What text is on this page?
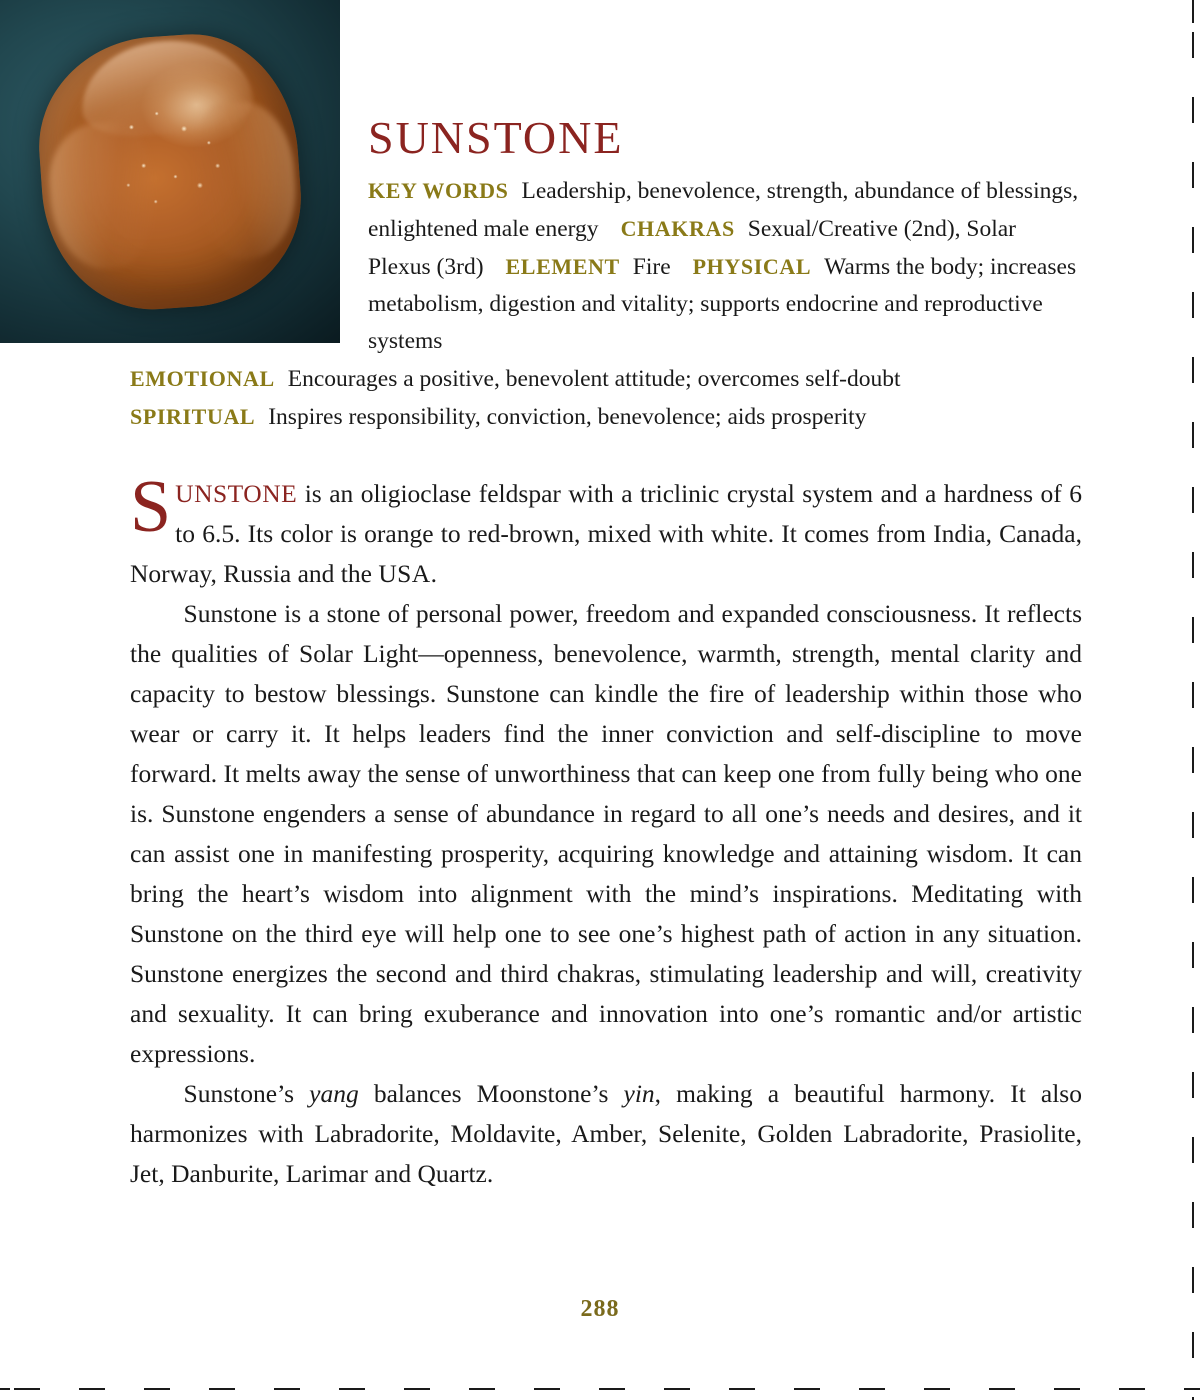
SUNSTONE
KEY WORDS Leadership, benevolence, strength, abundance of blessings, enlightened male energy CHAKRAS Sexual/Creative (2nd), Solar Plexus (3rd) ELEMENT Fire PHYSICAL Warms the body; increases metabolism, digestion and vitality; supports endocrine and reproductive systems
EMOTIONAL Encourages a positive, benevolent attitude; overcomes self-doubt
SPIRITUAL Inspires responsibility, conviction, benevolence; aids prosperity

SUNSTONE is an oligioclase feldspar with a triclinic crystal system and a hardness of 6 to 6.5. Its color is orange to red-brown, mixed with white. It comes from India, Canada, Norway, Russia and the USA.

Sunstone is a stone of personal power, freedom and expanded consciousness. It reflects the qualities of Solar Light—openness, benevolence, warmth, strength, mental clarity and capacity to bestow blessings. Sunstone can kindle the fire of leadership within those who wear or carry it. It helps leaders find the inner conviction and self-discipline to move forward. It melts away the sense of unworthiness that can keep one from fully being who one is. Sunstone engenders a sense of abundance in regard to all one’s needs and desires, and it can assist one in manifesting prosperity, acquiring knowledge and attaining wisdom. It can bring the heart’s wisdom into alignment with the mind’s inspirations. Meditating with Sunstone on the third eye will help one to see one’s highest path of action in any situation. Sunstone energizes the second and third chakras, stimulating leadership and will, creativity and sexuality. It can bring exuberance and innovation into one’s romantic and/or artistic expressions.

Sunstone’s yang balances Moonstone’s yin, making a beautiful harmony. It also harmonizes with Labradorite, Moldavite, Amber, Selenite, Golden Labradorite, Prasiolite, Jet, Danburite, Larimar and Quartz.

288
